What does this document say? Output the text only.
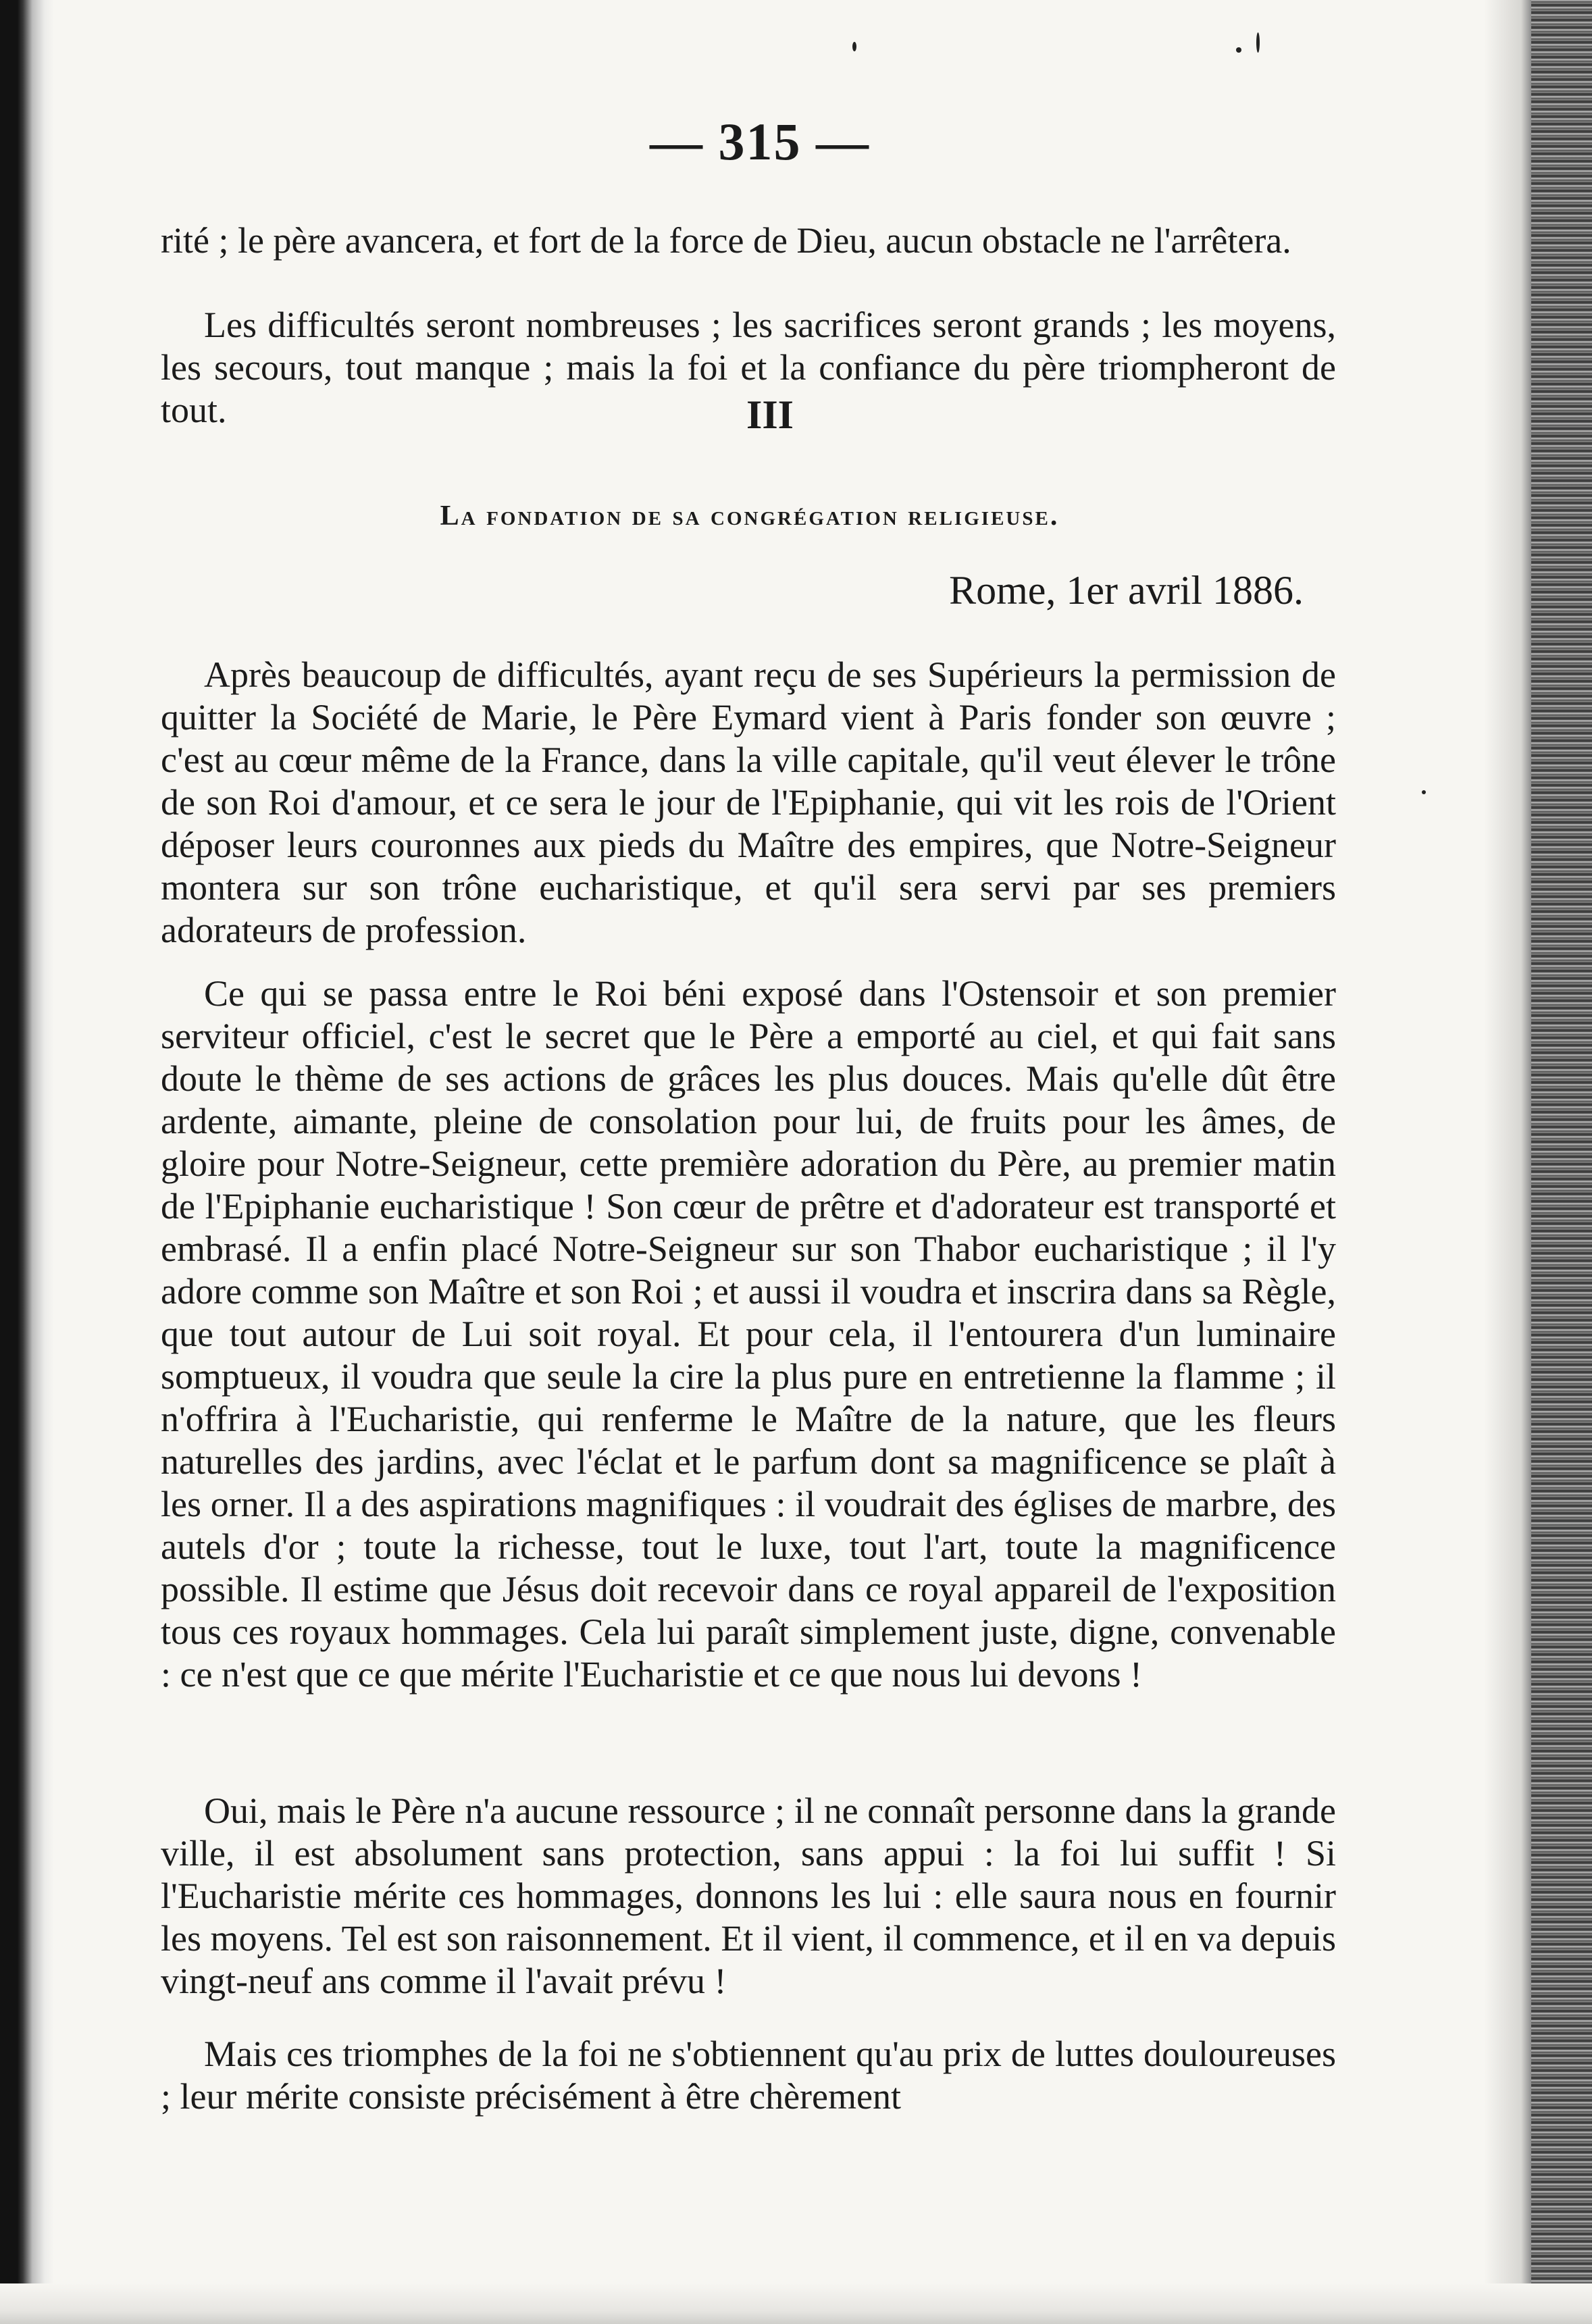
— 315 —
rité ; le père avancera, et fort de la force de Dieu, aucun obstacle ne l'arrêtera.
Les difficultés seront nombreuses ; les sacrifices seront grands ; les moyens, les secours, tout manque ; mais la foi et la confiance du père triompheront de tout.	III
La fondation de sa congrégation religieuse.
Rome, 1er avril 1886.
Après beaucoup de difficultés, ayant reçu de ses Supérieurs la permission de quitter la Société de Marie, le Père Eymard vient à Paris fonder son œuvre ; c'est au cœur même de la France, dans la ville capitale, qu'il veut élever le trône de son Roi d'amour, et ce sera le jour de l'Epiphanie, qui vit les rois de l'Orient déposer leurs couronnes aux pieds du Maître des empires, que Notre-Seigneur montera sur son trône eucharistique, et qu'il sera servi par ses premiers adorateurs de profession.
Ce qui se passa entre le Roi béni exposé dans l'Ostensoir et son premier serviteur officiel, c'est le secret que le Père a emporté au ciel, et qui fait sans doute le thème de ses actions de grâces les plus douces. Mais qu'elle dût être ardente, aimante, pleine de consolation pour lui, de fruits pour les âmes, de gloire pour Notre-Seigneur, cette première adoration du Père, au premier matin de l'Epiphanie eucharistique ! Son cœur de prêtre et d'adorateur est transporté et embrasé. Il a enfin placé Notre-Seigneur sur son Thabor eucharistique ; il l'y adore comme son Maître et son Roi ; et aussi il voudra et inscrira dans sa Règle, que tout autour de Lui soit royal. Et pour cela, il l'entourera d'un luminaire somptueux, il voudra que seule la cire la plus pure en entretienne la flamme ; il n'offrira à l'Eucharistie, qui renferme le Maître de la nature, que les fleurs naturelles des jardins, avec l'éclat et le parfum dont sa magnificence se plaît à les orner. Il a des aspirations magnifiques : il voudrait des églises de marbre, des autels d'or ; toute la richesse, tout le luxe, tout l'art, toute la magnificence possible. Il estime que Jésus doit recevoir dans ce royal appareil de l'exposition tous ces royaux hommages. Cela lui paraît simplement juste, digne, convenable : ce n'est que ce que mérite l'Eucharistie et ce que nous lui devons !
Oui, mais le Père n'a aucune ressource ; il ne connaît personne dans la grande ville, il est absolument sans protection, sans appui : la foi lui suffit ! Si l'Eucharistie mérite ces hommages, donnons les lui : elle saura nous en fournir les moyens. Tel est son raisonnement. Et il vient, il commence, et il en va depuis vingt-neuf ans comme il l'avait prévu !
Mais ces triomphes de la foi ne s'obtiennent qu'au prix de luttes douloureuses ; leur mérite consiste précisément à être chèrement
